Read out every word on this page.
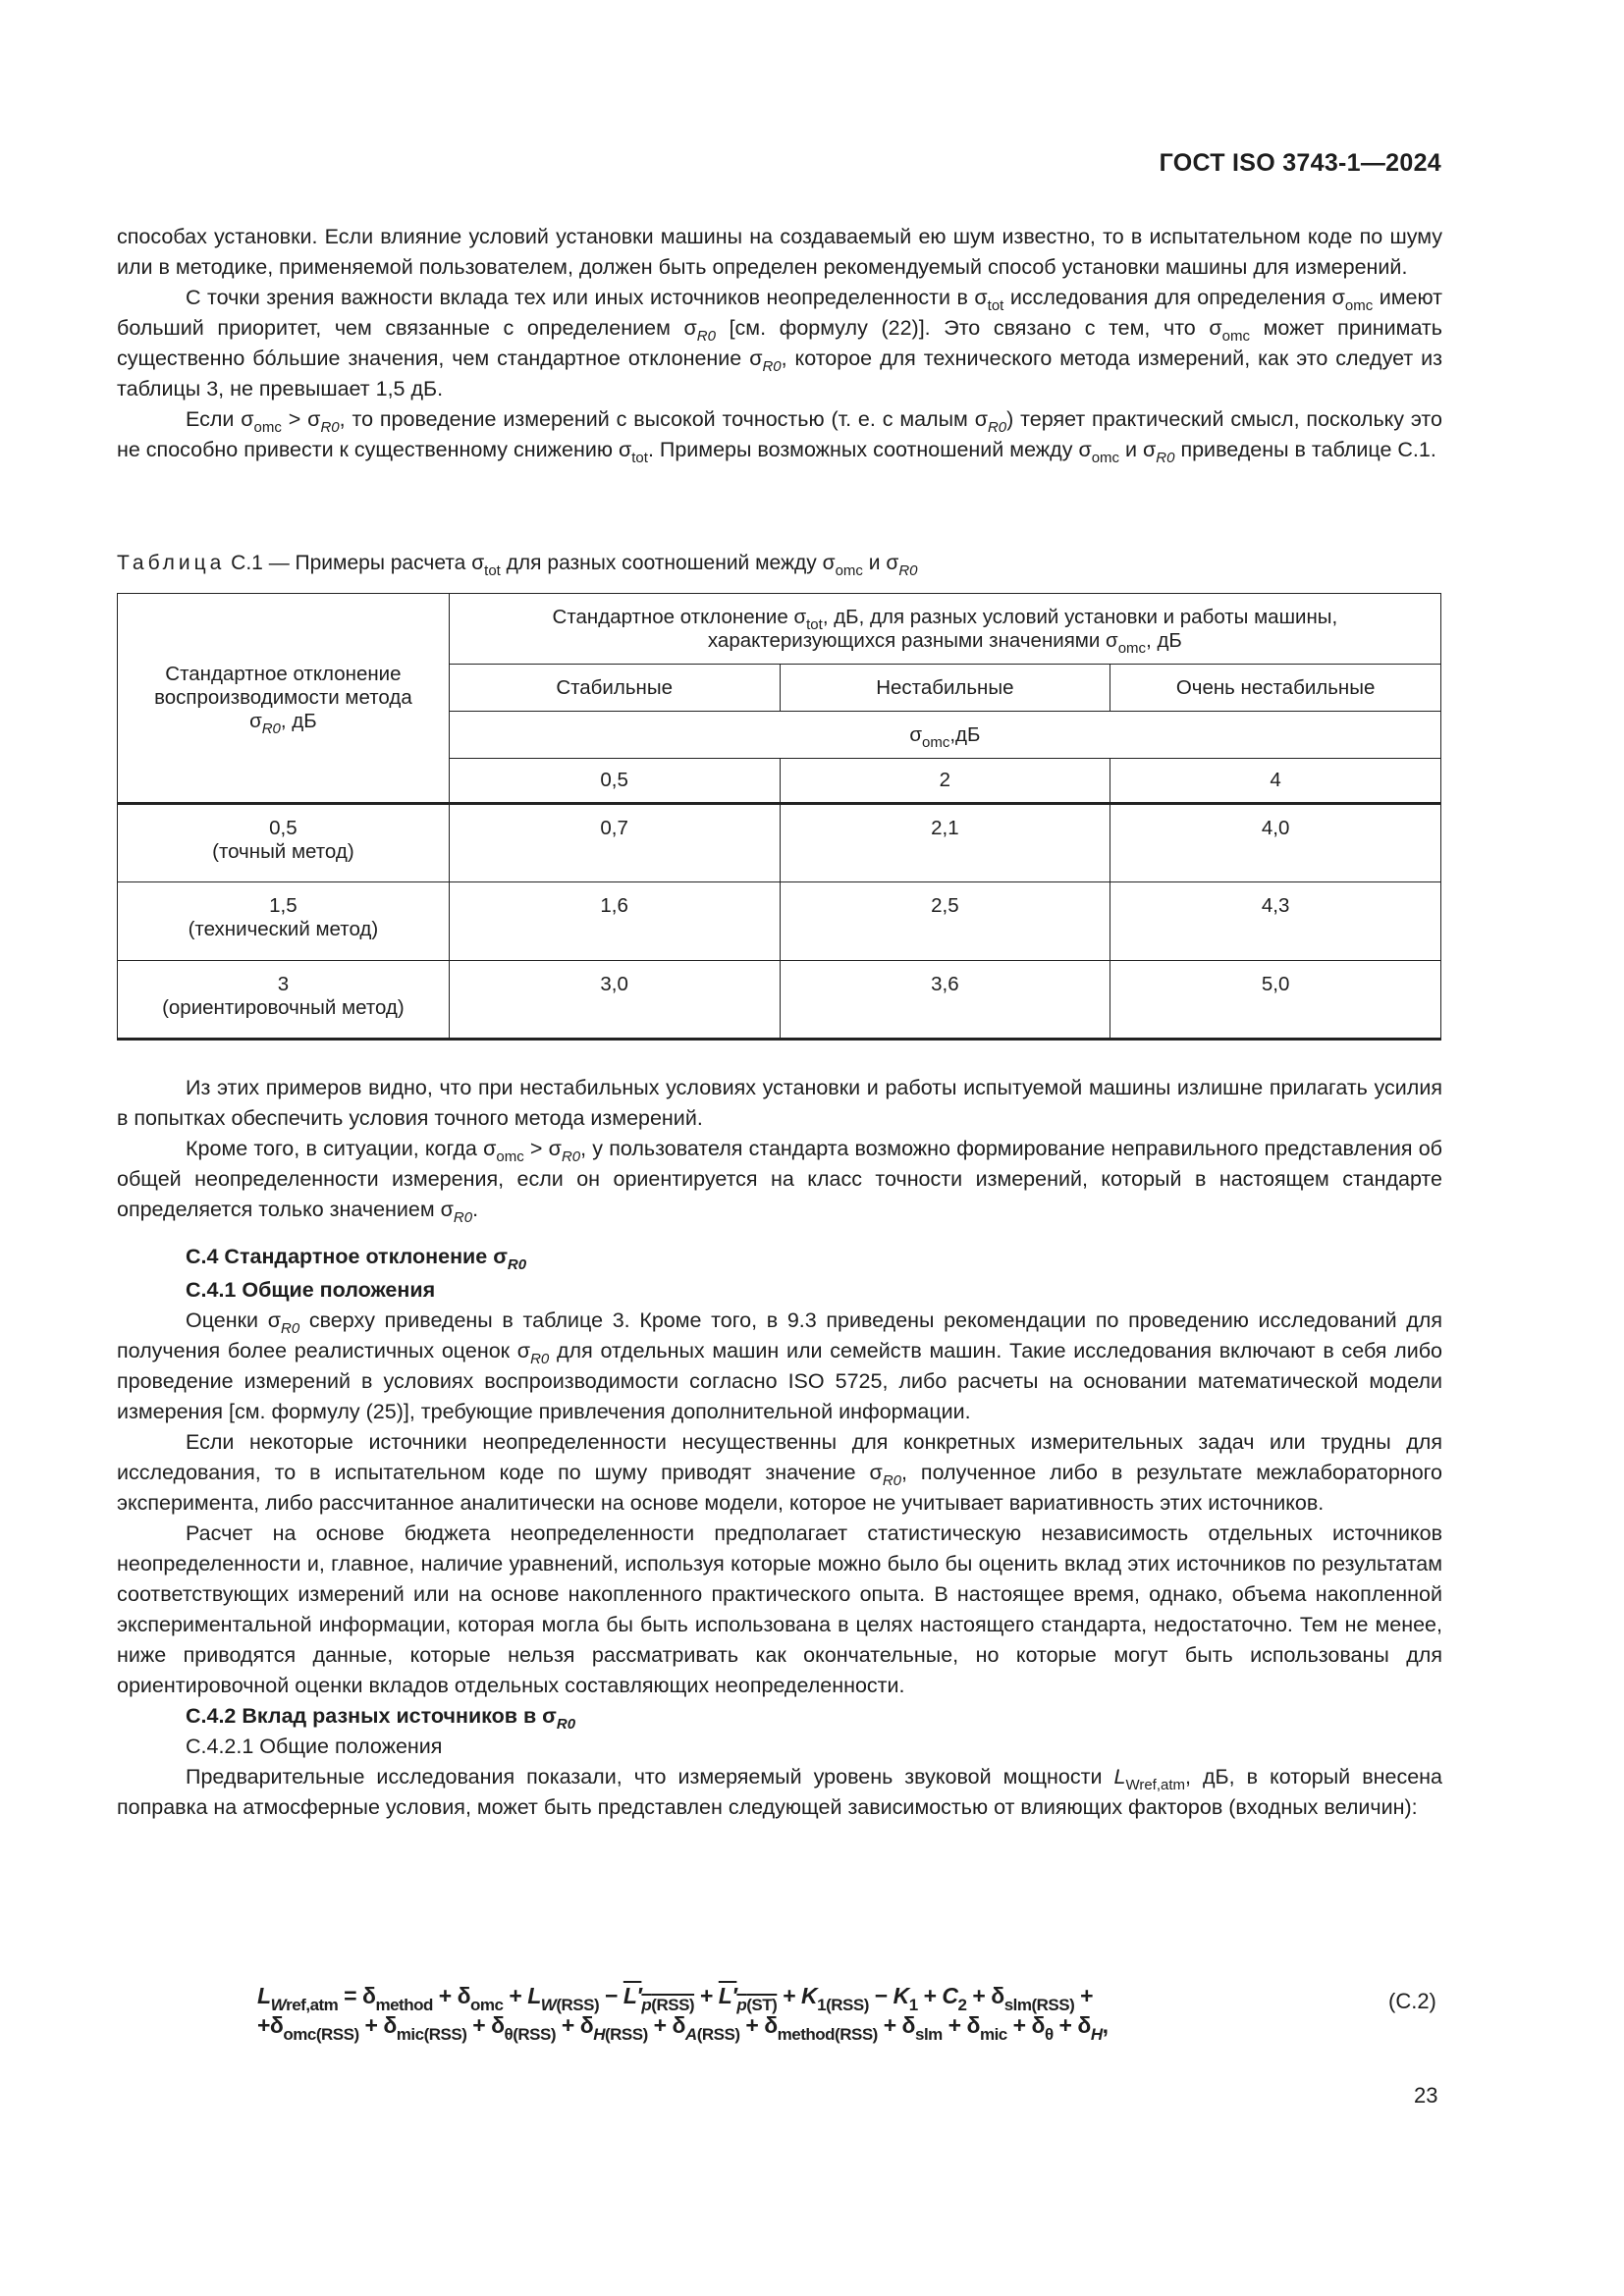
ГОСТ ISO 3743-1—2024

способах установки. Если влияние условий установки машины на создаваемый ею шум известно, то в испытательном коде по шуму или в методике, применяемой пользователем, должен быть определен рекомендуемый способ установки машины для измерений.

С точки зрения важности вклада тех или иных источников неопределенности в $\sigma_{tot}$ исследования для определения $\sigma_{omc}$ имеют больший приоритет, чем связанные с определением $\sigma_{R0}$ [см. формулу (22)]. Это связано с тем, что $\sigma_{omc}$ может принимать существенно бóльшие значения, чем стандартное отклонение $\sigma_{R0}$, которое для технического метода измерений, как это следует из таблицы 3, не превышает 1,5 дБ.

Если $\sigma_{omc} > \sigma_{R0}$, то проведение измерений с высокой точностью (т. е. с малым $\sigma_{R0}$) теряет практический смысл, поскольку это не способно привести к существенному снижению $\sigma_{tot}$. Примеры возможных соотношений между $\sigma_{omc}$ и $\sigma_{R0}$ приведены в таблице С.1.

Таблица С.1 — Примеры расчета $\sigma_{tot}$ для разных соотношений между $\sigma_{omc}$ и $\sigma_{R0}$
Стандартное отклонение воспроизводимости метода
$\sigma_{R0}$, дБ	Стандартное отклонение $\sigma_{tot}$, дБ, для разных условий установки и работы машины, характеризующихся разными значениями $\sigma_{omc}$, дБ		
	Стабильные	Нестабильные	Очень нестабильные
	$\sigma_{omc},дБ$		
	0,5	2	4
0,5
(точный метод)	0,7	2,1	4,0
1,5
(технический метод)	1,6	2,5	4,3
3
(ориентировочный метод)	3,0	3,6	5,0

Из этих примеров видно, что при нестабильных условиях установки и работы испытуемой машины излишне прилагать усилия в попытках обеспечить условия точного метода измерений.

Кроме того, в ситуации, когда $\sigma_{omc} > \sigma_{R0}$, у пользователя стандарта возможно формирование неправильного представления об общей неопределенности измерения, если он ориентируется на класс точности измерений, который в настоящем стандарте определяется только значением $\sigma_{R0}$.

С.4 Стандартное отклонение $\sigma_{R0}$

С.4.1 Общие положения

Оценки $\sigma_{R0}$ сверху приведены в таблице 3. Кроме того, в 9.3 приведены рекомендации по проведению исследований для получения более реалистичных оценок $\sigma_{R0}$ для отдельных машин или семейств машин. Такие исследования включают в себя либо проведение измерений в условиях воспроизводимости согласно ISO 5725, либо расчеты на основании математической модели измерения [см. формулу (25)], требующие привлечения дополнительной информации.

Если некоторые источники неопределенности несущественны для конкретных измерительных задач или трудны для исследования, то в испытательном коде по шуму приводят значение $\sigma_{R0}$, полученное либо в результате межлабораторного эксперимента, либо рассчитанное аналитически на основе модели, которое не учитывает вариативность этих источников.

Расчет на основе бюджета неопределенности предполагает статистическую независимость отдельных источников неопределенности и, главное, наличие уравнений, используя которые можно было бы оценить вклад этих источников по результатам соответствующих измерений или на основе накопленного практического опыта. В настоящее время, однако, объема накопленной экспериментальной информации, которая могла бы быть использована в целях настоящего стандарта, недостаточно. Тем не менее, ниже приводятся данные, которые нельзя рассматривать как окончательные, но которые могут быть использованы для ориентировочной оценки вкладов отдельных составляющих неопределенности.

С.4.2 Вклад разных источников в $\sigma_{R0}$

С.4.2.1 Общие положения

Предварительные исследования показали, что измеряемый уровень звуковой мощности $L_{Wref,atm}$, дБ, в который внесена поправка на атмосферные условия, может быть представлен следующей зависимостью от влияющих факторов (входных величин):

$L_{Wref,atm} = \delta_{method} + \delta_{omc} + L_{W(RSS)} - L'_{p(RSS)} + L'_{p(ST)} + K_{1(RSS)} - K_1 + C_2 + \delta_{slm(RSS)}$ +
$+\delta_{omc(RSS)} + \delta_{mic(RSS)} + \delta_{\theta(RSS)} + \delta_{H(RSS)} + \delta_{A(RSS)} + \delta_{method(RSS)} + \delta_{slm} + \delta_{mic} + \delta_\theta + \delta_H$,
(C.2)
23
